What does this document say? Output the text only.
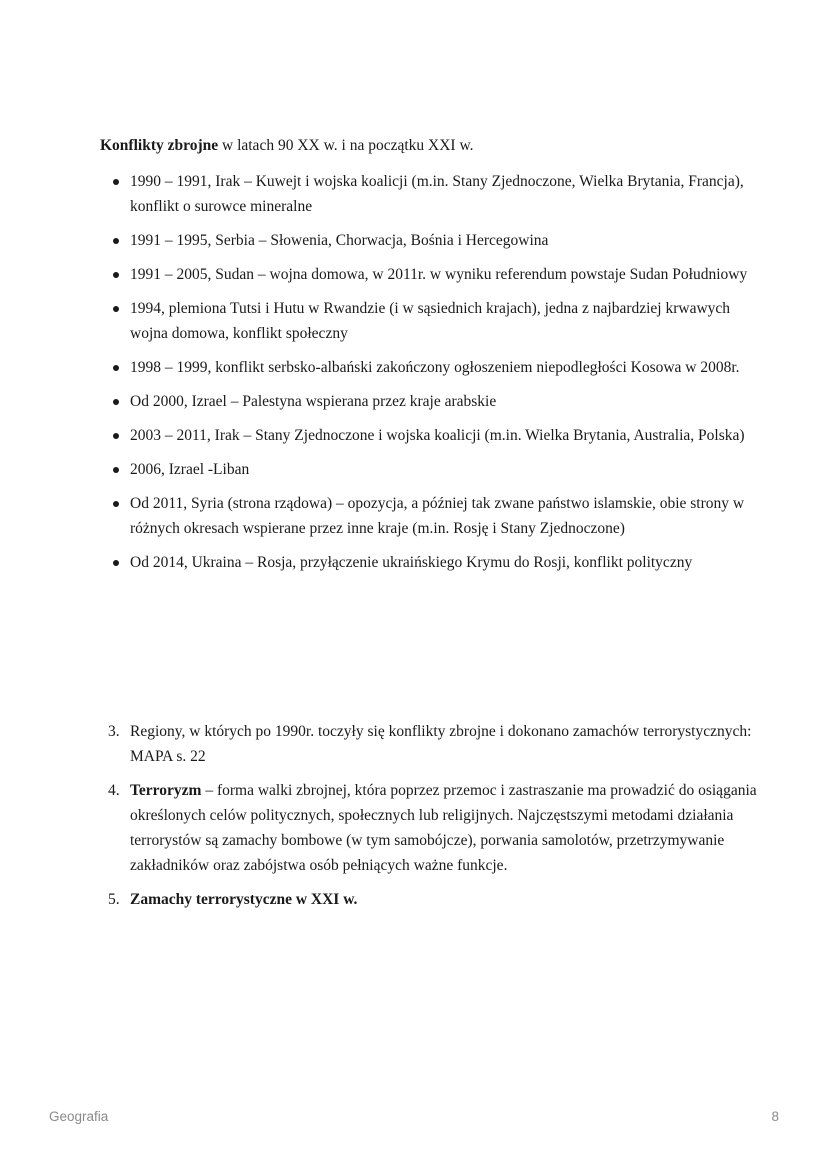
Konflikty zbrojne w latach 90 XX w. i na początku XXI w.
1990 – 1991, Irak – Kuwejt i wojska koalicji (m.in. Stany Zjednoczone, Wielka Brytania, Francja), konflikt o surowce mineralne
1991 – 1995, Serbia – Słowenia, Chorwacja, Bośnia i Hercegowina
1991 – 2005, Sudan – wojna domowa, w 2011r. w wyniku referendum powstaje Sudan Południowy
1994, plemiona Tutsi i Hutu w Rwandzie (i w sąsiednich krajach), jedna z najbardziej krwawych wojna domowa, konflikt społeczny
1998 – 1999, konflikt serbsko-albański zakończony ogłoszeniem niepodległości Kosowa w 2008r.
Od 2000, Izrael – Palestyna wspierana przez kraje arabskie
2003 – 2011, Irak – Stany Zjednoczone i wojska koalicji (m.in. Wielka Brytania, Australia, Polska)
2006, Izrael -Liban
Od 2011, Syria (strona rządowa) – opozycja, a później tak zwane państwo islamskie, obie strony w różnych okresach wspierane przez inne kraje (m.in. Rosję i Stany Zjednoczone)
Od 2014, Ukraina – Rosja, przyłączenie ukraińskiego Krymu do Rosji, konflikt polityczny
3. Regiony, w których po 1990r. toczyły się konflikty zbrojne i dokonano zamachów terrorystycznych: MAPA s. 22
4. Terroryzm – forma walki zbrojnej, która poprzez przemoc i zastraszanie ma prowadzić do osiągania określonych celów politycznych, społecznych lub religijnych. Najczęstszymi metodami działania terrorystów są zamachy bombowe (w tym samobójcze), porwania samolotów, przetrzymywanie zakładników oraz zabójstwa osób pełniących ważne funkcje.
5. Zamachy terrorystyczne w XXI w.
Geografia	8
